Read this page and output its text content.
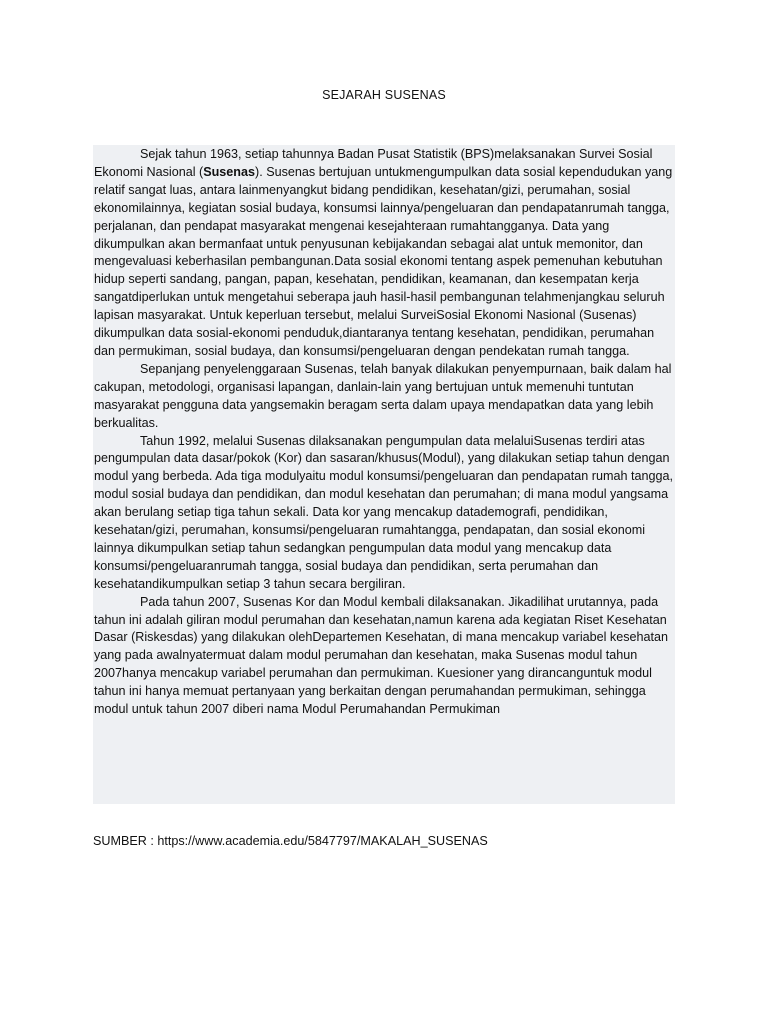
SEJARAH SUSENAS

Sejak tahun 1963, setiap tahunnya Badan Pusat Statistik (BPS)melaksanakan Survei Sosial Ekonomi Nasional (Susenas). Susenas bertujuan untukmengumpulkan data sosial kependudukan yang relatif sangat luas, antara lainmenyangkut bidang pendidikan, kesehatan/gizi, perumahan, sosial ekonomilainnya, kegiatan sosial budaya, konsumsi lainnya/pengeluaran dan pendapatanrumah tangga, perjalanan, dan pendapat masyarakat mengenai kesejahteraan rumahtangganya. Data yang dikumpulkan akan bermanfaat untuk penyusunan kebijakandan sebagai alat untuk memonitor, dan mengevaluasi keberhasilan pembangunan.Data sosial ekonomi tentang aspek pemenuhan kebutuhan hidup seperti sandang, pangan, papan, kesehatan, pendidikan, keamanan, dan kesempatan kerja sangatdiperlukan untuk mengetahui seberapa jauh hasil-hasil pembangunan telahmenjangkau seluruh lapisan masyarakat. Untuk keperluan tersebut, melalui SurveiSosial Ekonomi Nasional (Susenas) dikumpulkan data sosial-ekonomi penduduk,diantaranya tentang kesehatan, pendidikan, perumahan dan permukiman, sosial budaya, dan konsumsi/pengeluaran dengan pendekatan rumah tangga.

Sepanjang penyelenggaraan Susenas, telah banyak dilakukan penyempurnaan, baik dalam hal cakupan, metodologi, organisasi lapangan, danlain-lain yang bertujuan untuk memenuhi tuntutan masyarakat pengguna data yangsemakin beragam serta dalam upaya mendapatkan data yang lebih berkualitas.

Tahun 1992, melalui Susenas dilaksanakan pengumpulan data melaluiSusenas terdiri atas pengumpulan data dasar/pokok (Kor) dan sasaran/khusus(Modul), yang dilakukan setiap tahun dengan modul yang berbeda. Ada tiga modulyaitu modul konsumsi/pengeluaran dan pendapatan rumah tangga, modul sosial budaya dan pendidikan, dan modul kesehatan dan perumahan; di mana modul yangsama akan berulang setiap tiga tahun sekali. Data kor yang mencakup datademografi, pendidikan, kesehatan/gizi, perumahan, konsumsi/pengeluaran rumahtangga, pendapatan, dan sosial ekonomi lainnya dikumpulkan setiap tahun sedangkan pengumpulan data modul yang mencakup data konsumsi/pengeluaranrumah tangga, sosial budaya dan pendidikan, serta perumahan dan kesehatandikumpulkan setiap 3 tahun secara bergiliran.

Pada tahun 2007, Susenas Kor dan Modul kembali dilaksanakan. Jikadilihat urutannya, pada tahun ini adalah giliran modul perumahan dan kesehatan,namun karena ada kegiatan Riset Kesehatan Dasar (Riskesdas) yang dilakukan olehDepartemen Kesehatan, di mana mencakup variabel kesehatan yang pada awalnyatermuat dalam modul perumahan dan kesehatan, maka Susenas modul tahun 2007hanya mencakup variabel perumahan dan permukiman. Kuesioner yang dirancanguntuk modul tahun ini hanya memuat pertanyaan yang berkaitan dengan perumahandan permukiman, sehingga modul untuk tahun 2007 diberi nama Modul Perumahandan Permukiman

SUMBER : https://www.academia.edu/5847797/MAKALAH_SUSENAS
